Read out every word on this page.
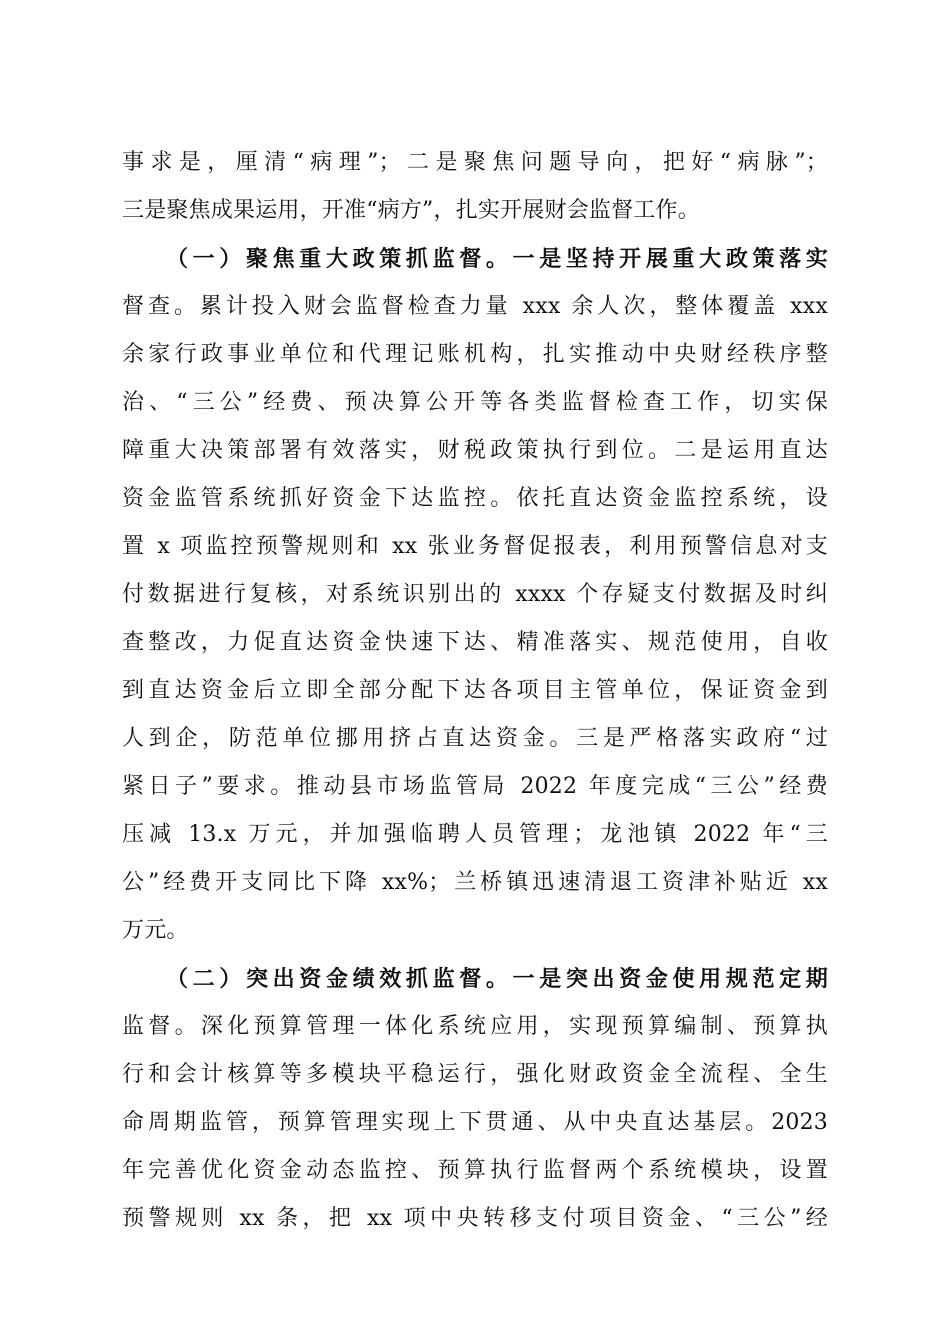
事求是，厘清“病理”；二是聚焦问题导向，把好“病脉”；
三是聚焦成果运用，开准“病方”，扎实开展财会监督工作。
（一）聚焦重大政策抓监督。一是坚持开展重大政策落实
督查。累计投入财会监督检查力量 xxx 余人次，整体覆盖 xxx
余家行政事业单位和代理记账机构，扎实推动中央财经秩序整
治、“三公”经费、预决算公开等各类监督检查工作，切实保
障重大决策部署有效落实，财税政策执行到位。二是运用直达
资金监管系统抓好资金下达监控。依托直达资金监控系统，设
置 x 项监控预警规则和 xx 张业务督促报表，利用预警信息对支
付数据进行复核，对系统识别出的 xxxx 个存疑支付数据及时纠
查整改，力促直达资金快速下达、精准落实、规范使用，自收
到直达资金后立即全部分配下达各项目主管单位，保证资金到
人到企，防范单位挪用挤占直达资金。三是严格落实政府“过
紧日子”要求。推动县市场监管局 2022 年度完成“三公”经费
压减 13.x 万元，并加强临聘人员管理；龙池镇 2022 年“三
公”经费开支同比下降 xx%；兰桥镇迅速清退工资津补贴近 xx
万元。
（二）突出资金绩效抓监督。一是突出资金使用规范定期
监督。深化预算管理一体化系统应用，实现预算编制、预算执
行和会计核算等多模块平稳运行，强化财政资金全流程、全生
命周期监管，预算管理实现上下贯通、从中央直达基层。2023
年完善优化资金动态监控、预算执行监督两个系统模块，设置
预警规则 xx 条，把 xx 项中央转移支付项目资金、“三公”经
